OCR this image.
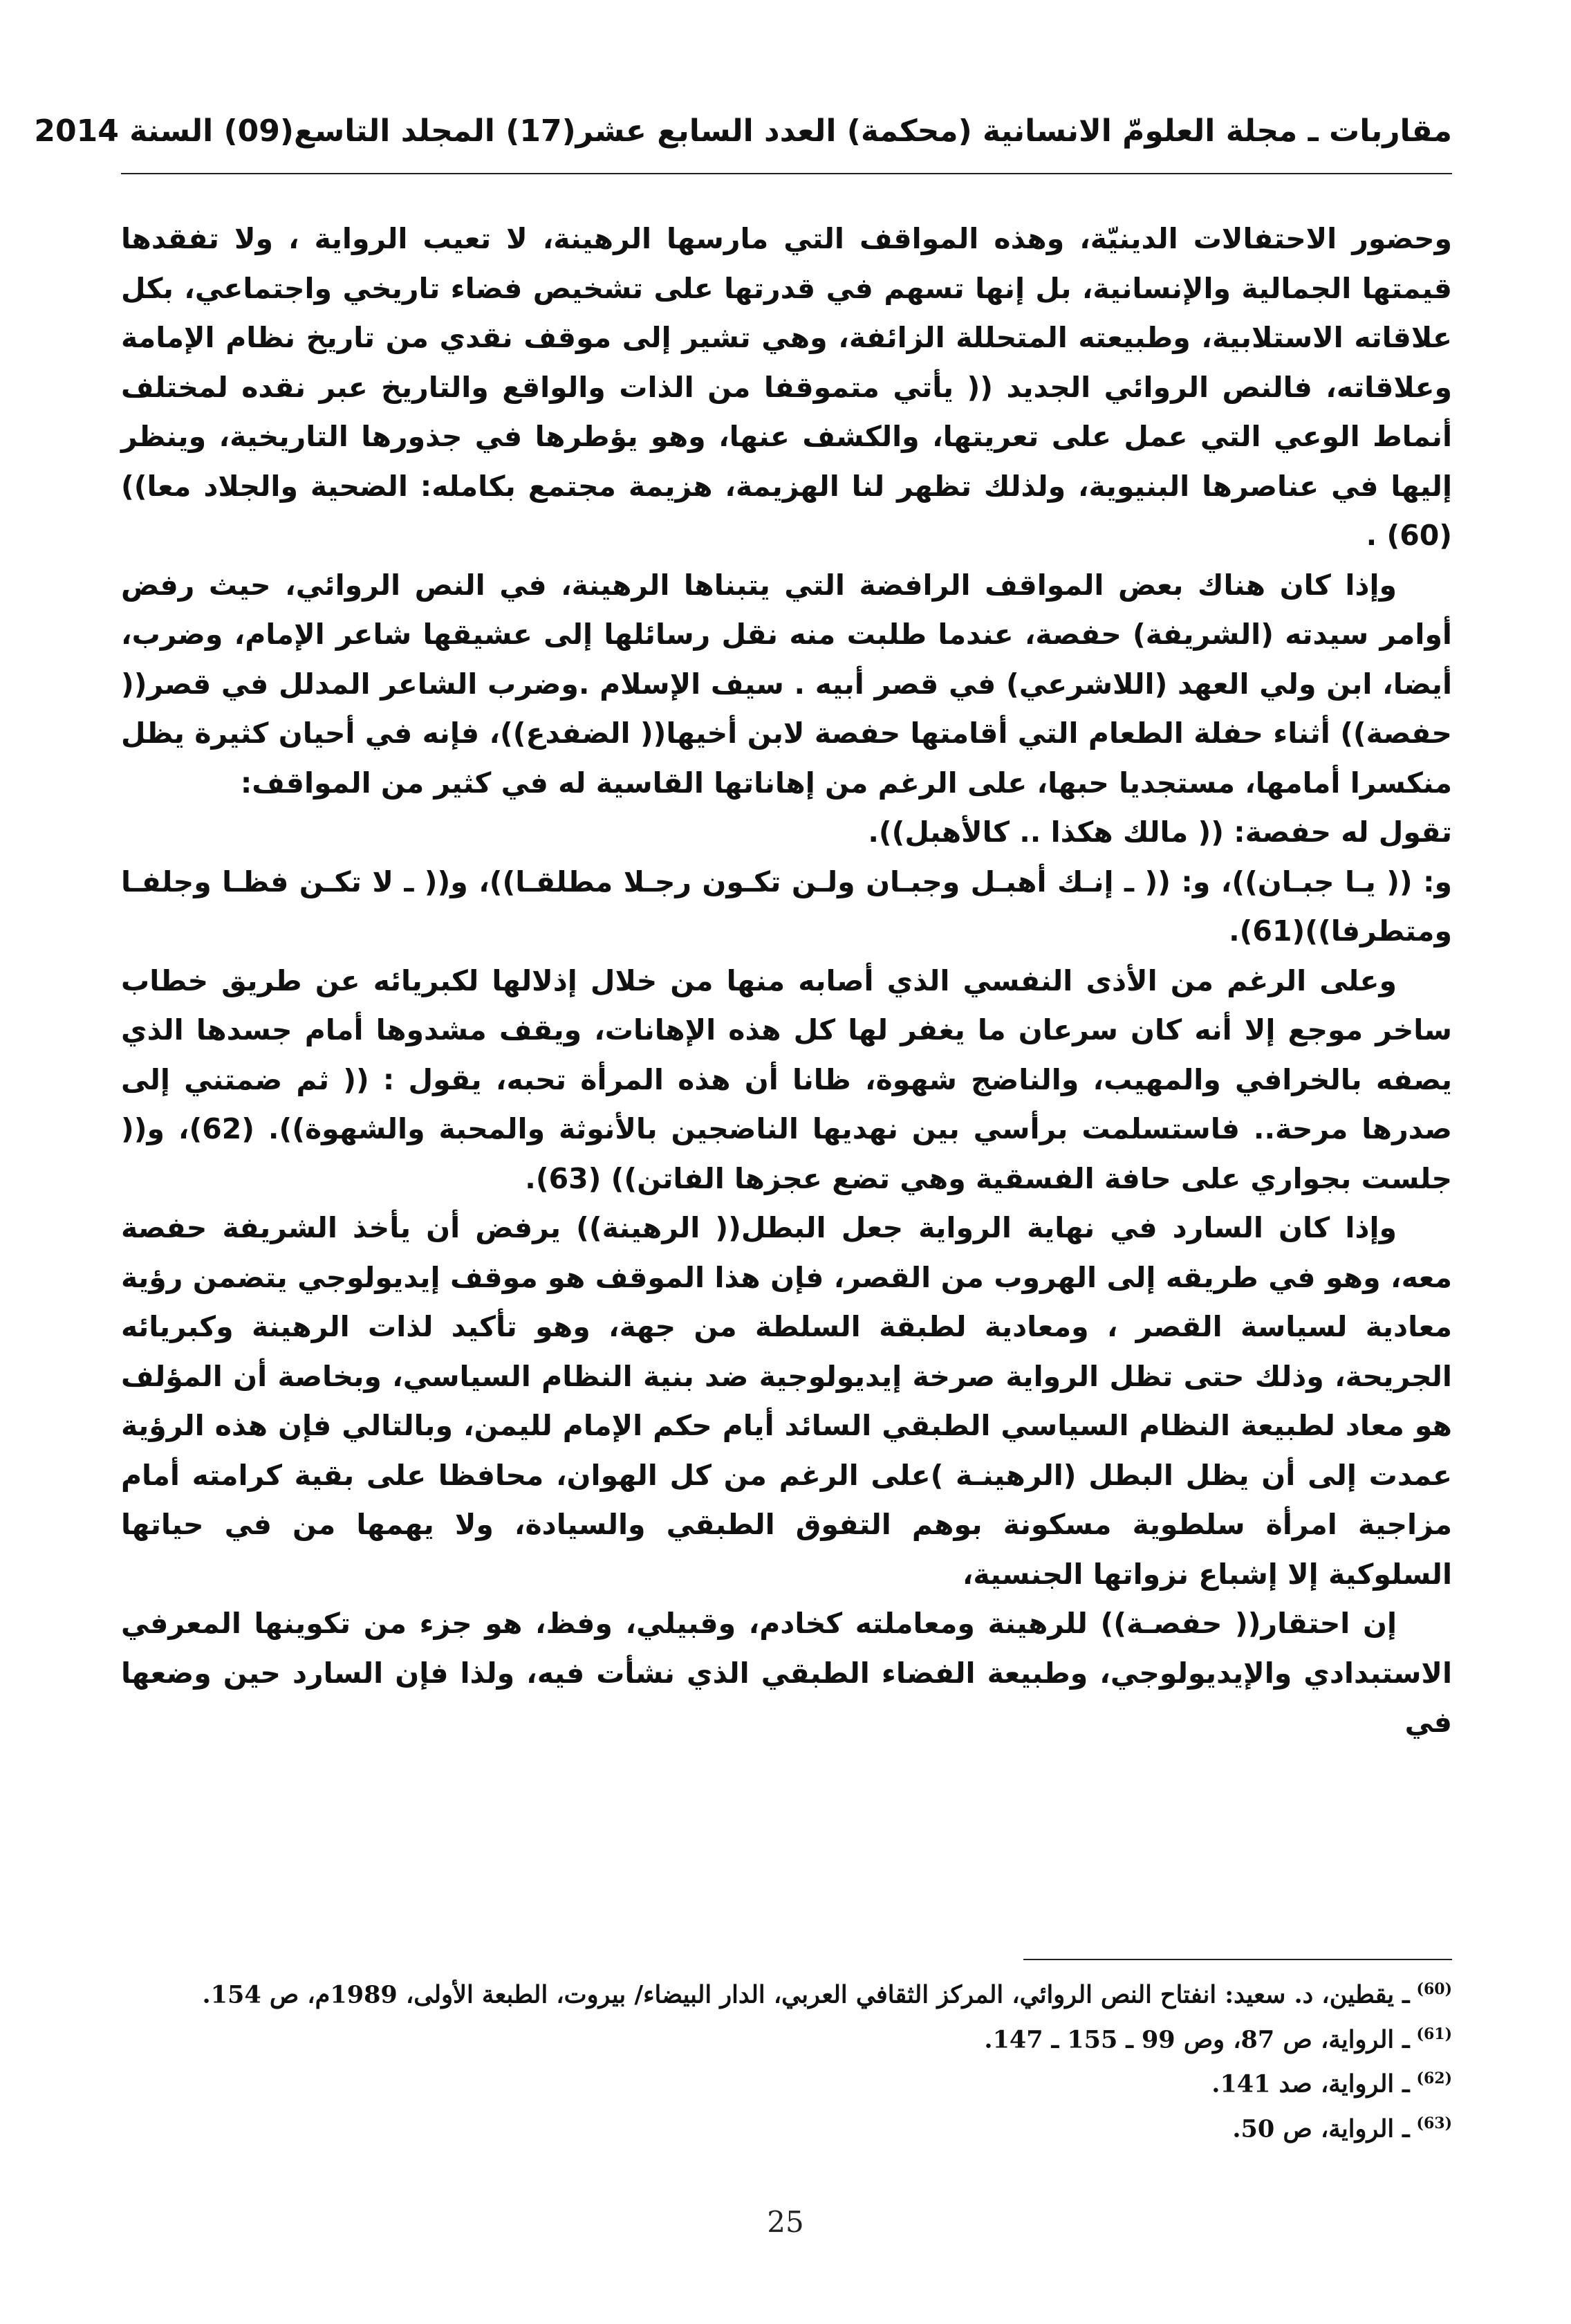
مقاربات ـ مجلة العلومّ الانسانية (محكمة) العدد السابع عشر(17) المجلد التاسع(09) السنة 2014

وحضور الاحتفالات الدينيّة، وهذه المواقف التي مارسها الرهينة، لا تعيب الرواية ، ولا تفقدها قيمتها الجمالية والإنسانية، بل إنها تسهم في قدرتها على تشخيص فضاء تاريخي واجتماعي، بكل علاقاته الاستلابية، وطبيعته المتحللة الزائفة، وهي تشير إلى موقف نقدي من تاريخ نظام الإمامة وعلاقاته، فالنص الروائي الجديد (( يأتي متموقفا من الذات والواقع والتاريخ عبر نقده لمختلف أنماط الوعي التي عمل على تعريتها، والكشف عنها، وهو يؤطرها في جذورها التاريخية، وينظر إليها في عناصرها البنيوية، ولذلك تظهر لنا الهزيمة، هزيمة مجتمع بكامله: الضحية والجلاد معا))(60) .

وإذا كان هناك بعض المواقف الرافضة التي يتبناها الرهينة، في النص الروائي، حيث رفض أوامر سيدته (الشريفة) حفصة، عندما طلبت منه نقل رسائلها إلى عشيقها شاعر الإمام، وضرب، أيضا، ابن ولي العهد (اللاشرعي) في قصر أبيه . سيف الإسلام .وضرب الشاعر المدلل في قصر(( حفصة)) أثناء حفلة الطعام التي أقامتها حفصة لابن أخيها(( الضفدع))، فإنه في أحيان كثيرة يظل منكسرا أمامها، مستجديا حبها، على الرغم من إهاناتها القاسية له في كثير من المواقف:

تقول له حفصة: (( مالك هكذا .. كالأهبل)).

و: (( يـا جبـان))، و: (( ـ إنـك أهبـل وجبـان ولـن تكـون رجـلا مطلقـا))، و(( ـ لا تكـن فظـا وجلفـا ومتطرفا))(61).

وعلى الرغم من الأذى النفسي الذي أصابه منها من خلال إذلالها لكبريائه عن طريق خطاب ساخر موجع إلا أنه كان سرعان ما يغفر لها كل هذه الإهانات، ويقف مشدوها أمام جسدها الذي يصفه بالخرافي والمهيب، والناضج شهوة، ظانا أن هذه المرأة تحبه، يقول : (( ثم ضمتني إلى صدرها مرحة.. فاستسلمت برأسي بين نهديها الناضجين بالأنوثة والمحبة والشهوة)). (62)، و(( جلست بجواري على حافة الفسقية وهي تضع عجزها الفاتن)) (63).

وإذا كان السارد في نهاية الرواية جعل البطل(( الرهينة)) يرفض أن يأخذ الشريفة حفصة معه، وهو في طريقه إلى الهروب من القصر، فإن هذا الموقف هو موقف إيديولوجي يتضمن رؤية معادية لسياسة القصر ، ومعادية لطبقة السلطة من جهة، وهو تأكيد لذات الرهينة وكبريائه الجريحة، وذلك حتى تظل الرواية صرخة إيديولوجية ضد بنية النظام السياسي، وبخاصة أن المؤلف هو معاد لطبيعة النظام السياسي الطبقي السائد أيام حكم الإمام لليمن، وبالتالي فإن هذه الرؤية عمدت إلى أن يظل البطل (الرهينـة )على الرغم من كل الهوان، محافظا على بقية كرامته أمام مزاجية امرأة سلطوية مسكونة بوهم التفوق الطبقي والسيادة، ولا يهمها من في حياتها السلوكية إلا إشباع نزواتها الجنسية،

إن احتقار(( حفصـة)) للرهينة ومعاملته كخادم، وقبيلي، وفظ، هو جزء من تكوينها المعرفي الاستبدادي والإيديولوجي، وطبيعة الفضاء الطبقي الذي نشأت فيه، ولذا فإن السارد حين وضعها في

$^{(60)}$ـ يقطين، د. سعيد: انفتاح النص الروائي، المركز الثقافي العربي، الدار البيضاء/ بيروت، الطبعة الأولى، 1989م، ص 154.

$^{(61)}$ـ الرواية، ص 87، وص 99 ـ 155 ـ 147.

$^{(62)}$ـ الرواية، صد 141.

$^{(63)}$ـ الرواية، ص 50.

25
